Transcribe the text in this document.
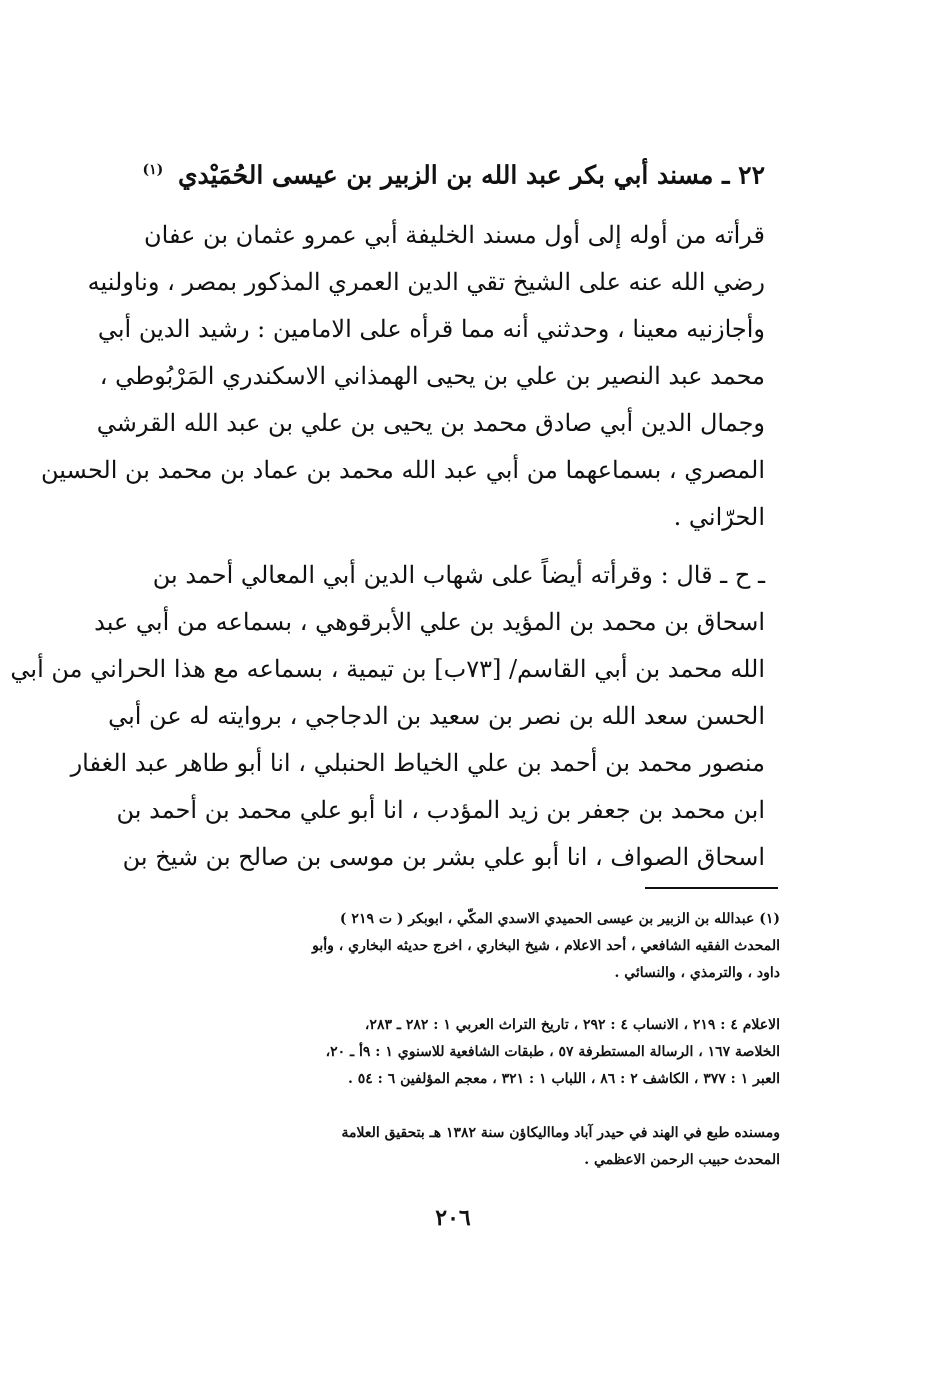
٢٢ ـ مسند أبي بكر عبد الله بن الزبير بن عيسى الحُمَيْدي $^{(١)}$
قرأته من أوله إلى أول مسند الخليفة أبي عمرو عثمان بن عفان
رضي الله عنه على الشيخ تقي الدين العمري المذكور بمصر ، وناولنيه
وأجازنيه معينا ، وحدثني أنه مما قرأه على الامامين : رشيد الدين أبي
محمد عبد النصير بن علي بن يحيى الهمذاني الاسكندري المَرْبُوطي ،
وجمال الدين أبي صادق محمد بن يحيى بن علي بن عبد الله القرشي
المصري ، بسماعهما من أبي عبد الله محمد بن عماد بن محمد بن الحسين
الحرّاني .
ـ ح ـ قال : وقرأته أيضاً على شهاب الدين أبي المعالي أحمد بن
اسحاق بن محمد بن المؤيد بن علي الأبرقوهي ، بسماعه من أبي عبد
الله محمد بن أبي القاسم/ [٧٣ب] بن تيمية ، بسماعه مع هذا الحراني من أبي
الحسن سعد الله بن نصر بن سعيد بن الدجاجي ، بروايته له عن أبي
منصور محمد بن أحمد بن علي الخياط الحنبلي ، انا أبو طاهر عبد الغفار
ابن محمد بن جعفر بن زيد المؤدب ، انا أبو علي محمد بن أحمد بن
اسحاق الصواف ، انا أبو علي بشر بن موسى بن صالح بن شيخ بن
(١) عبدالله بن الزبير بن عيسى الحميدي الاسدي المكّي ، ابوبكر ( ت ٢١٩ )
المحدث الفقيه الشافعي ، أحد الاعلام ، شيخ البخاري ، اخرج حديثه البخاري ، وأبو
داود ، والترمذي ، والنسائي .
الاعلام ٤ : ٢١٩ ، الانساب ٤ : ٢٩٢ ، تاريخ التراث العربي ١ : ٢٨٢ ـ ٢٨٣،
الخلاصة ١٦٧ ، الرسالة المستطرفة ٥٧ ، طبقات الشافعية للاسنوي ١ : ٩أ ـ ٢٠،
العبر ١ : ٣٧٧ ، الكاشف ٢ : ٨٦ ، اللباب ١ : ٣٢١ ، معجم المؤلفين ٦ : ٥٤ .
ومسنده طبع في الهند في حيدر آباد ومااليكاؤن سنة ١٣٨٢ هـ بتحقيق العلامة
المحدث حبيب الرحمن الاعظمي .
٢٠٦
